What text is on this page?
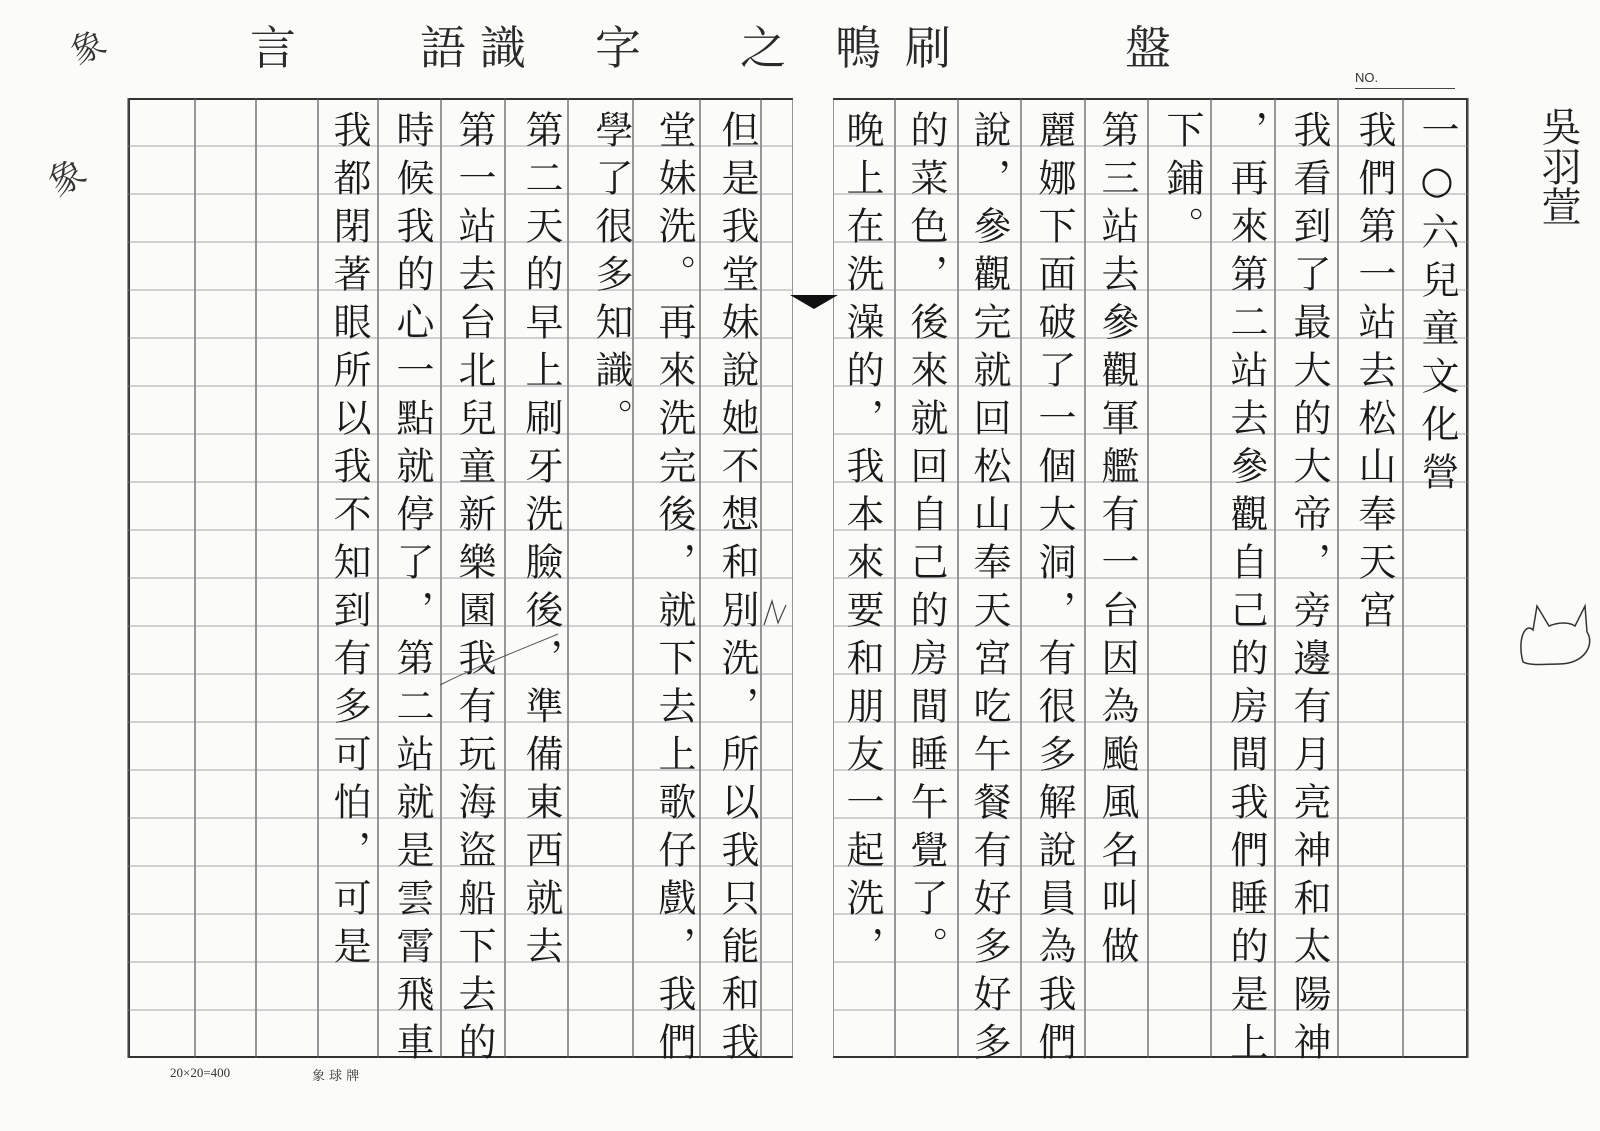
象	言	語 識 字 之 鴨 刷	盤
NO.
象	吳羽萱
一○六兒童文化營
我們第一站去松山奉天宮
我看到了最大的大帝，旁邊有月亮神和太陽神
，再來第二站去參觀自己的房間我們睡的是上
下鋪。
第三站去參觀軍艦有一台因為颱風名叫做
麗娜下面破了一個大洞，有很多解說員為我們
說，參觀完就回松山奉天宮吃午餐有好多好多
的菜色，後來就回自己的房間睡午覺了。
晚上在洗澡的，我本來要和朋友一起洗，
但是我堂妹說她不想和別洗，所以我只能和我
堂妹洗。再來洗完後，就下去上歌仔戲，我們
學了很多知識。
第二天的早上刷牙洗臉後，準備東西就去
第一站去台北兒童新樂園我有玩海盜船下去的
時候我的心一點就停了，第二站就是雲霄飛車
我都閉著眼所以我不知到有多可怕，可是
20×20=400	象 球 牌
